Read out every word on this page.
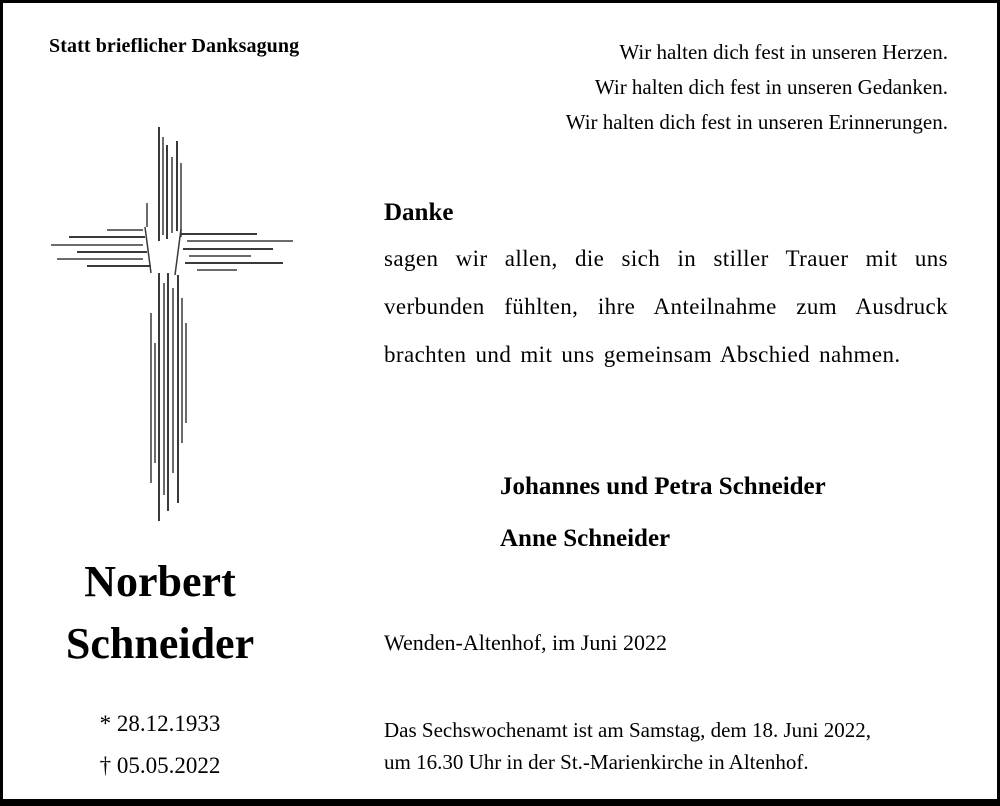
Statt brieflicher Danksagung	Wir halten dich fest in unseren Herzen.
Wir halten dich fest in unseren Gedanken.
Wir halten dich fest in unseren Erinnerungen.
Norbert
Schneider
* 28.12.1933
† 05.05.2022
Danke
sagen wir allen, die sich in stiller Trauer mit uns verbunden fühlten, ihre Anteilnahme zum Ausdruck brachten und mit uns gemeinsam Abschied nahmen.
Johannes und Petra Schneider
Anne Schneider
Wenden-Altenhof, im Juni 2022
Das Sechswochenamt ist am Samstag, dem 18. Juni 2022,
um 16.30 Uhr in der St.-Marienkirche in Altenhof.
